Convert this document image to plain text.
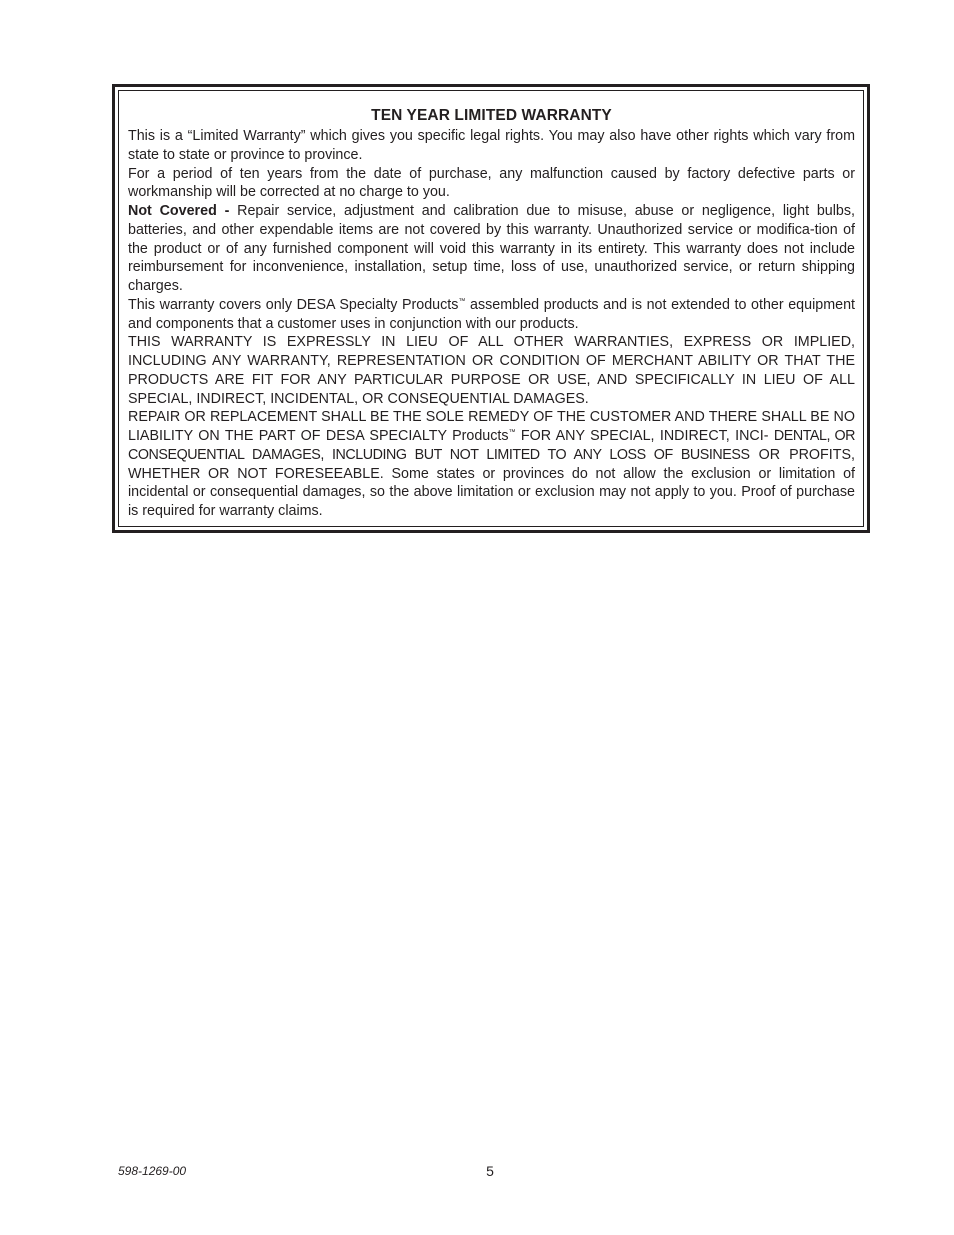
TEN YEAR LIMITED WARRANTY

This is a “Limited Warranty” which gives you specific legal rights. You may also have other rights which vary from state to state or province to province.

For a period of ten years from the date of purchase, any malfunction caused by factory defective parts or workmanship will be corrected at no charge to you.

Not Covered - Repair service, adjustment and calibration due to misuse, abuse or negligence, light bulbs, batteries, and other expendable items are not covered by this warranty. Unauthorized service or modifica-tion of the product or of any furnished component will void this warranty in its entirety. This warranty does not include reimbursement for inconvenience, installation, setup time, loss of use, unauthorized service, or return shipping charges.

This warranty covers only DESA Specialty Products™ assembled products and is not extended to other equipment and components that a customer uses in conjunction with our products.

THIS WARRANTY IS EXPRESSLY IN LIEU OF ALL OTHER WARRANTIES, EXPRESS OR IMPLIED, INCLUDING ANY WARRANTY, REPRESENTATION OR CONDITION OF MERCHANT ABILITY OR THAT THE PRODUCTS ARE FIT FOR ANY PARTICULAR PURPOSE OR USE, AND SPECIFICALLY IN LIEU OF ALL SPECIAL, INDIRECT, INCIDENTAL, OR CONSEQUENTIAL DAMAGES.

REPAIR OR REPLACEMENT SHALL BE THE SOLE REMEDY OF THE CUSTOMER AND THERE SHALL BE NO LIABILITY ON THE PART OF DESA SPECIALTY Products™ FOR ANY SPECIAL, INDIRECT, INCI- DENTAL, OR CONSEQUENTIAL DAMAGES, INCLUDING BUT NOT LIMITED TO ANY LOSS OF BUSINESS OR PROFITS, WHETHER OR NOT FORESEEABLE. Some states or provinces do not allow the exclusion or limitation of incidental or consequential damages, so the above limitation or exclusion may not apply to you. Proof of purchase is required for warranty claims.

598-1269-00	5
